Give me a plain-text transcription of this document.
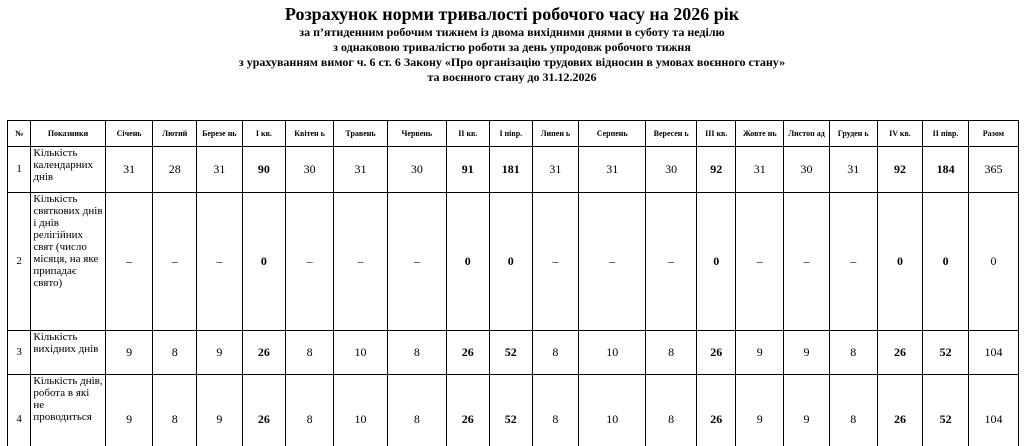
Розрахунок норми тривалості робочого часу на 2026 рік
за п’ятиденним робочим тижнем із двома вихідними днями в суботу та неділю
з однаковою тривалістю роботи за день упродовж робочого тижня
з урахуванням вимог ч. 6 ст. 6 Закону «Про організацію трудових відносин в умовах воєнного стану»
та воєнного стану до 31.12.2026
№	Показники	Січень	Лютий	Березе нь	I кв.	Квітен ь	Травень	Червень	II кв.	I півр.	Липен ь	Серпень	Вересен ь	III кв.	Жовте нь	Листоп ад	Груден ь	IV кв.	II півр.	Разом
1	Кількість календарних днів	31	28	31	90	30	31	30	91	181	31	31	30	92	31	30	31	92	184	365
2	Кількість святкових днів і днів релігійних свят (число місяця, на яке припадає свято)	–	–	–	0	–	–	–	0	0	–	–	–	0	–	–	–	0	0	0
3	Кількість вихідних днів	9	8	9	26	8	10	8	26	52	8	10	8	26	9	9	8	26	52	104
4	Кількість днів, робота в які не проводиться	9	8	9	26	8	10	8	26	52	8	10	8	26	9	9	8	26	52	104
